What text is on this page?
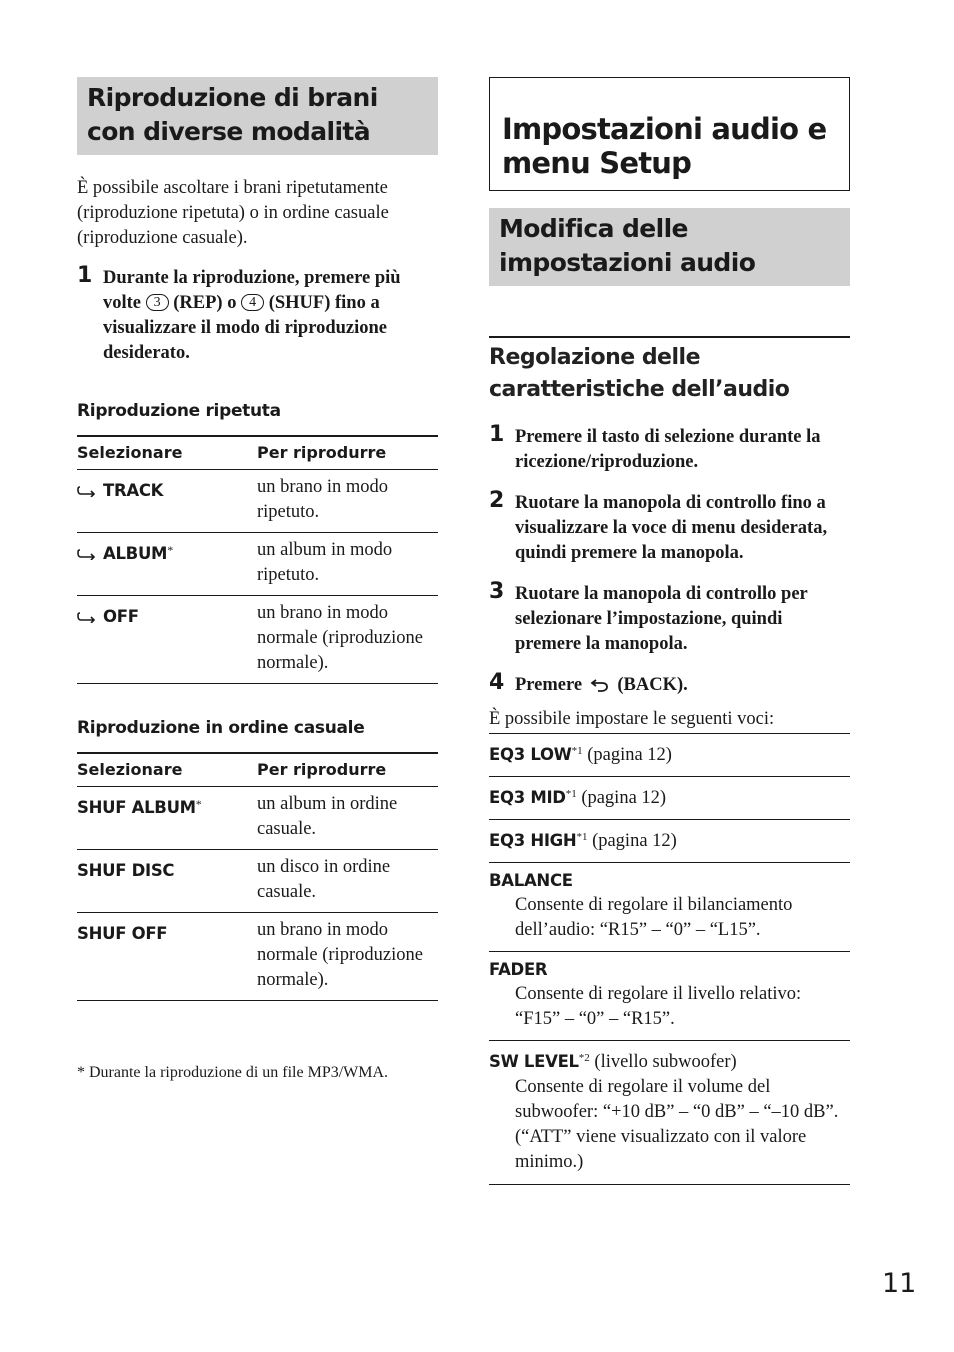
Riproduzione di brani con diverse modalità

È possibile ascoltare i brani ripetutamente (riproduzione ripetuta) o in ordine casuale (riproduzione casuale).

1 Durante la riproduzione, premere più volte 3 (REP) o 4 (SHUF) fino a visualizzare il modo di riproduzione desiderato.
Riproduzione ripetuta
Selezionare	Per riprodurre
TRACK	un brano in modo ripetuto.
ALBUM*	un album in modo ripetuto.
OFF	un brano in modo normale (riproduzione normale).
Riproduzione in ordine casuale
Selezionare	Per riprodurre
SHUF ALBUM*	un album in ordine casuale.
SHUF DISC	un disco in ordine casuale.
SHUF OFF	un brano in modo normale (riproduzione normale).
* Durante la riproduzione di un file MP3/WMA.
Impostazioni audio e menu Setup
Modifica delle impostazioni audio
Regolazione delle caratteristiche dell’audio
1 Premere il tasto di selezione durante la ricezione/riproduzione.
2 Ruotare la manopola di controllo fino a visualizzare la voce di menu desiderata, quindi premere la manopola.
3 Ruotare la manopola di controllo per selezionare l’impostazione, quindi premere la manopola.
4 Premere (BACK).

È possibile impostare le seguenti voci:

EQ3 LOW$^{*1}$ (pagina 12)
EQ3 MID$^{*1}$ (pagina 12)
EQ3 HIGH$^{*1}$ (pagina 12)
BALANCE
Consente di regolare il bilanciamento dell’audio: “R15” – “0” – “L15”.
FADER
Consente di regolare il livello relativo: “F15” – “0” – “R15”.
SW LEVEL$^{*2}$ (livello subwoofer)
Consente di regolare il volume del subwoofer: “+10 dB” – “0 dB” – “–10 dB”.
(“ATT” viene visualizzato con il valore minimo.)
11
